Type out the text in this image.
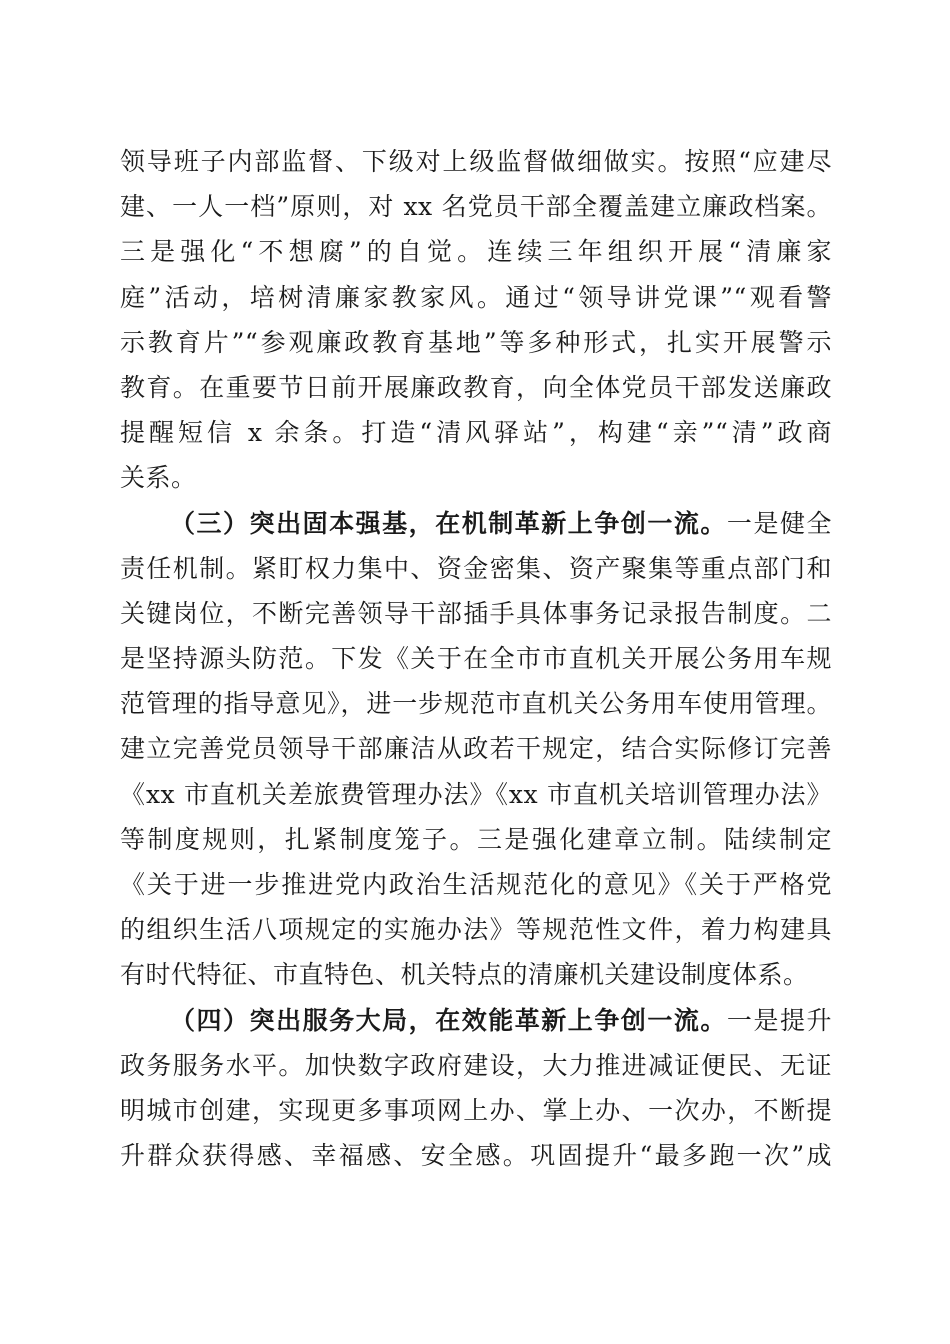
领导班子内部监督、下级对上级监督做细做实。按照“应建尽
建、一人一档”原则，对 xx 名党员干部全覆盖建立廉政档案。
三是强化“不想腐”的自觉。连续三年组织开展“清廉家
庭”活动，培树清廉家教家风。通过“领导讲党课”“观看警
示教育片”“参观廉政教育基地”等多种形式，扎实开展警示
教育。在重要节日前开展廉政教育，向全体党员干部发送廉政
提醒短信 x 余条。打造“清风驿站”，构建“亲”“清”政商
关系。
（三）突出固本强基，在机制革新上争创一流。一是健全
责任机制。紧盯权力集中、资金密集、资产聚集等重点部门和
关键岗位，不断完善领导干部插手具体事务记录报告制度。二
是坚持源头防范。下发《关于在全市市直机关开展公务用车规
范管理的指导意见》，进一步规范市直机关公务用车使用管理。
建立完善党员领导干部廉洁从政若干规定，结合实际修订完善
《xx 市直机关差旅费管理办法》《xx 市直机关培训管理办法》
等制度规则，扎紧制度笼子。三是强化建章立制。陆续制定
《关于进一步推进党内政治生活规范化的意见》《关于严格党
的组织生活八项规定的实施办法》等规范性文件，着力构建具
有时代特征、市直特色、机关特点的清廉机关建设制度体系。
（四）突出服务大局，在效能革新上争创一流。一是提升
政务服务水平。加快数字政府建设，大力推进减证便民、无证
明城市创建，实现更多事项网上办、掌上办、一次办，不断提
升群众获得感、幸福感、安全感。巩固提升“最多跑一次”成
